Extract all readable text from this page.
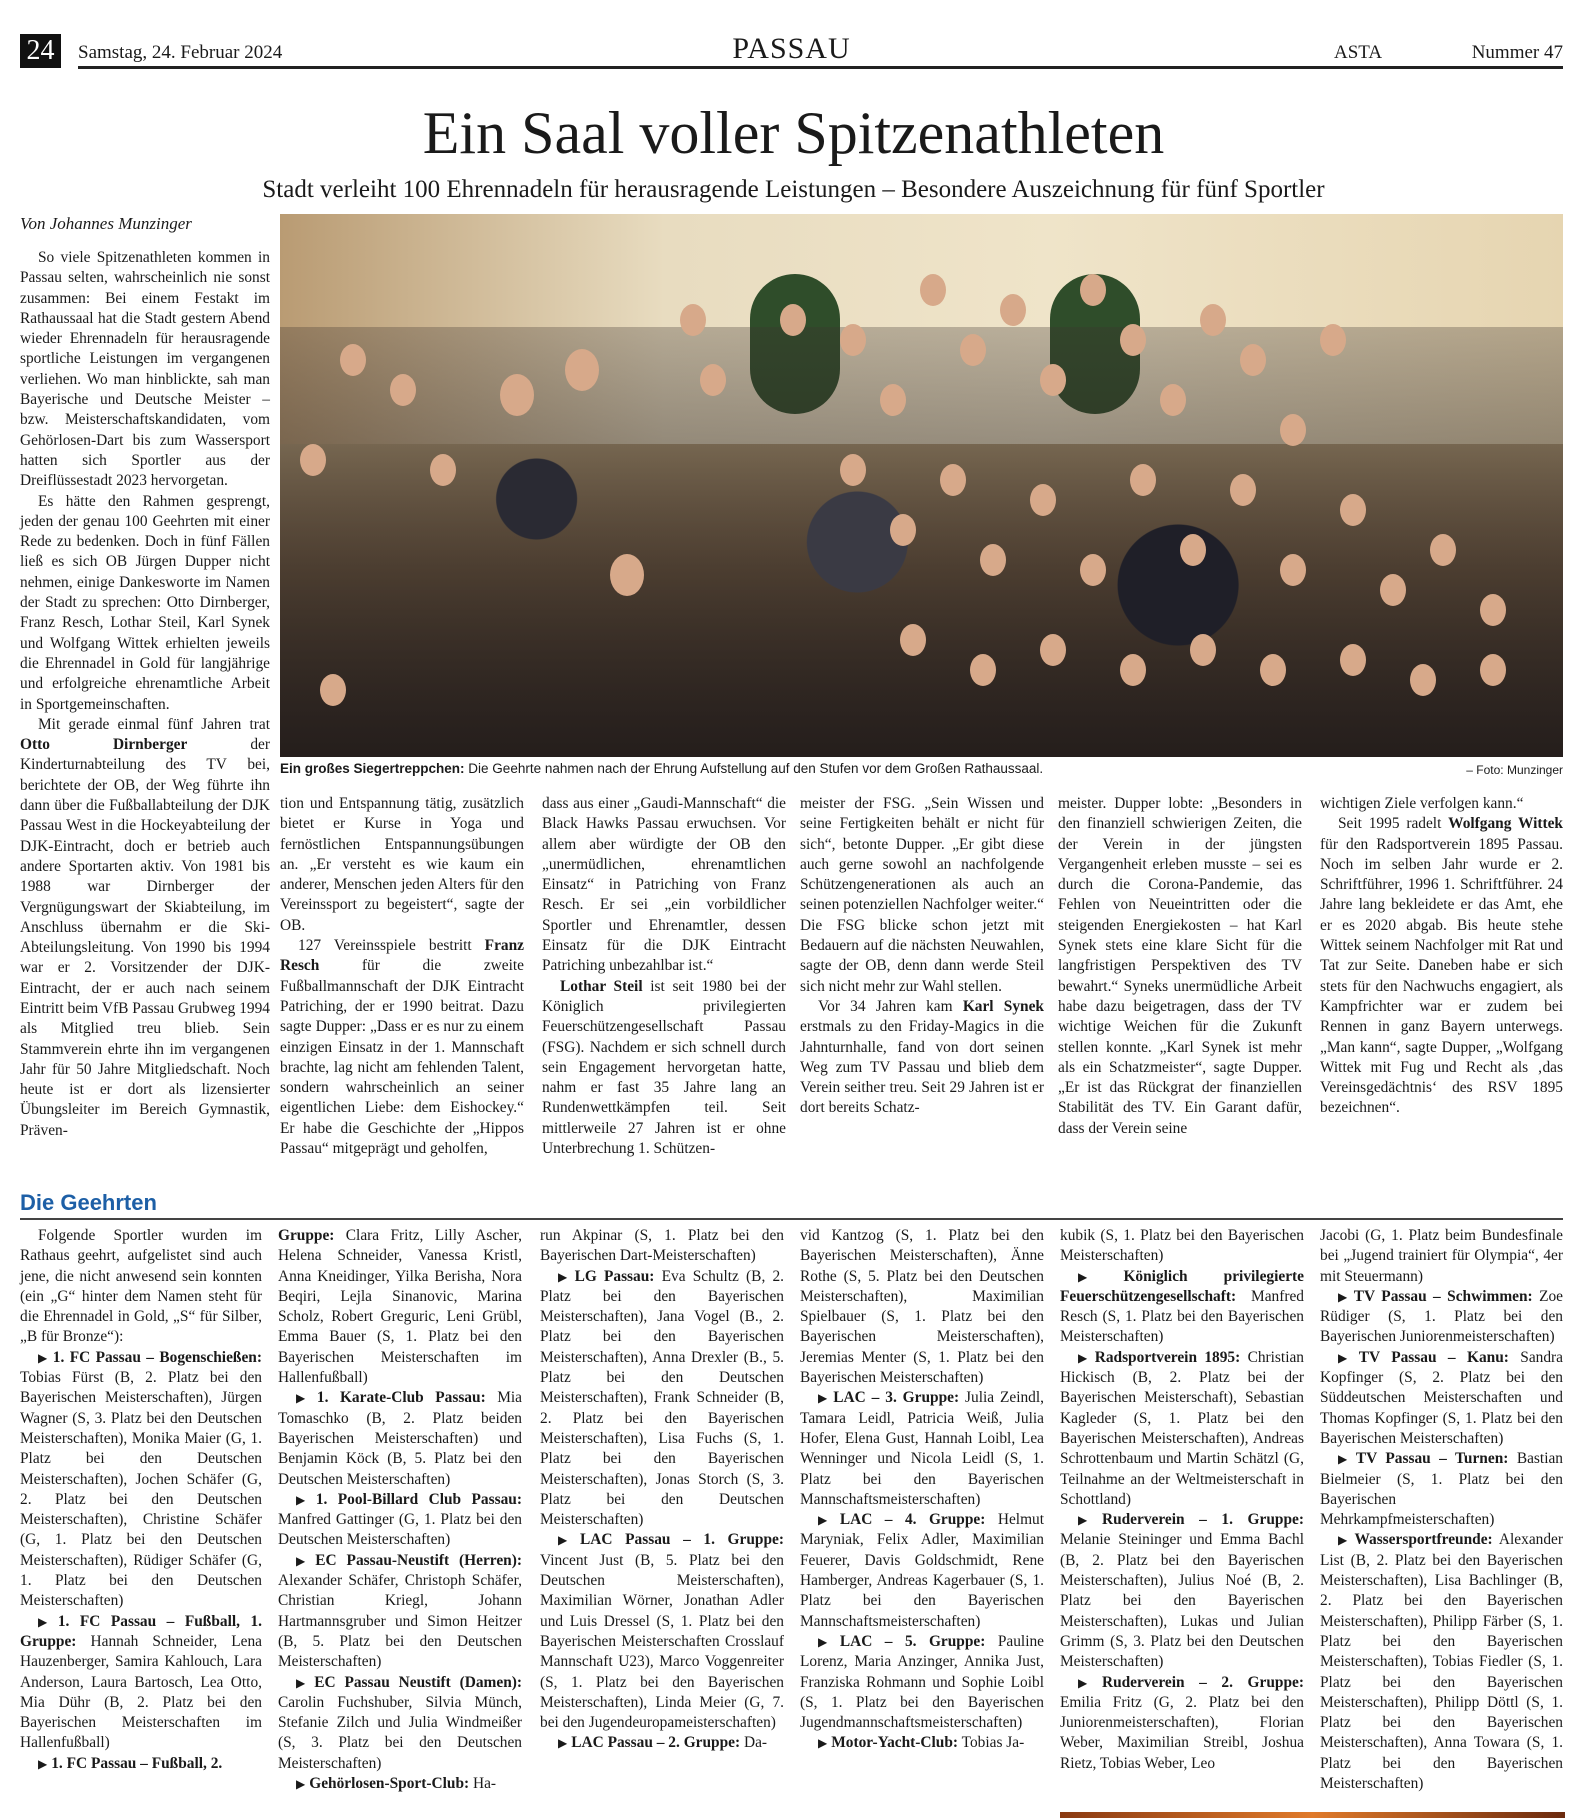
24	Samstag, 24. Februar 2024	PASSAU	ASTA	Nummer 47
Ein Saal voller Spitzenathleten
Stadt verleiht 100 Ehrennadeln für herausragende Leistungen – Besondere Auszeichnung für fünf Sportler
Von Johannes Munzinger
Ein großes Siegertreppchen: Die Geehrte nahmen nach der Ehrung Aufstellung auf den Stufen vor dem Großen Rathaussaal.	– Foto: Munzinger

So viele Spitzenathleten kommen in Passau selten, wahrscheinlich nie sonst zusammen: Bei einem Festakt im Rathaussaal hat die Stadt gestern Abend wieder Ehrennadeln für herausragende sportliche Leistungen im vergangenen verliehen. Wo man hinblickte, sah man Bayerische und Deutsche Meister – bzw. Meisterschaftskandidaten, vom Gehörlosen-Dart bis zum Wassersport hatten sich Sportler aus der Dreiflüssestadt 2023 hervorgetan.

Es hätte den Rahmen gesprengt, jeden der genau 100 Geehrten mit einer Rede zu bedenken. Doch in fünf Fällen ließ es sich OB Jürgen Dupper nicht nehmen, einige Dankesworte im Namen der Stadt zu sprechen: Otto Dirnberger, Franz Resch, Lothar Steil, Karl Synek und Wolfgang Wittek erhielten jeweils die Ehrennadel in Gold für langjährige und erfolgreiche ehrenamtliche Arbeit in Sportgemeinschaften.

Mit gerade einmal fünf Jahren trat Otto Dirnberger der Kinderturnabteilung des TV bei, berichtete der OB, der Weg führte ihn dann über die Fußballabteilung der DJK Passau West in die Hockeyabteilung der DJK-Eintracht, doch er betrieb auch andere Sportarten aktiv. Von 1981 bis 1988 war Dirnberger der Vergnügungswart der Skiabteilung, im Anschluss übernahm er die Ski-Abteilungsleitung. Von 1990 bis 1994 war er 2. Vorsitzender der DJK-Eintracht, der er auch nach seinem Eintritt beim VfB Passau Grubweg 1994 als Mitglied treu blieb. Sein Stammverein ehrte ihn im vergangenen Jahr für 50 Jahre Mitgliedschaft. Noch heute ist er dort als lizensierter Übungsleiter im Bereich Gymnastik, Präven-

tion und Entspannung tätig, zusätzlich bietet er Kurse in Yoga und fernöstlichen Entspannungsübungen an. „Er versteht es wie kaum ein anderer, Menschen jeden Alters für den Vereinssport zu begeistert“, sagte der OB.

127 Vereinsspiele bestritt Franz Resch für die zweite Fußballmannschaft der DJK Eintracht Patriching, der er 1990 beitrat. Dazu sagte Dupper: „Dass er es nur zu einem einzigen Einsatz in der 1. Mannschaft brachte, lag nicht am fehlenden Talent, sondern wahrscheinlich an seiner eigentlichen Liebe: dem Eishockey.“ Er habe die Geschichte der „Hippos Passau“ mitgeprägt und geholfen,

dass aus einer „Gaudi-Mannschaft“ die Black Hawks Passau erwuchsen. Vor allem aber würdigte der OB den „unermüdlichen, ehrenamtlichen Einsatz“ in Patriching von Franz Resch. Er sei „ein vorbildlicher Sportler und Ehrenamtler, dessen Einsatz für die DJK Eintracht Patriching unbezahlbar ist.“

Lothar Steil ist seit 1980 bei der Königlich privilegierten Feuerschützengesellschaft Passau (FSG). Nachdem er sich schnell durch sein Engagement hervorgetan hatte, nahm er fast 35 Jahre lang an Rundenwettkämpfen teil. Seit mittlerweile 27 Jahren ist er ohne Unterbrechung 1. Schützen-

meister der FSG. „Sein Wissen und seine Fertigkeiten behält er nicht für sich“, betonte Dupper. „Er gibt diese auch gerne sowohl an nachfolgende Schützengenerationen als auch an seinen potenziellen Nachfolger weiter.“ Die FSG blicke schon jetzt mit Bedauern auf die nächsten Neuwahlen, sagte der OB, denn dann werde Steil sich nicht mehr zur Wahl stellen.

Vor 34 Jahren kam Karl Synek erstmals zu den Friday-Magics in die Jahnturnhalle, fand von dort seinen Weg zum TV Passau und blieb dem Verein seither treu. Seit 29 Jahren ist er dort bereits Schatz-

meister. Dupper lobte: „Besonders in den finanziell schwierigen Zeiten, die der Verein in der jüngsten Vergangenheit erleben musste – sei es durch die Corona-Pandemie, das Fehlen von Neueintritten oder die steigenden Energiekosten – hat Karl Synek stets eine klare Sicht für die langfristigen Perspektiven des TV bewahrt.“ Syneks unermüdliche Arbeit habe dazu beigetragen, dass der TV wichtige Weichen für die Zukunft stellen konnte. „Karl Synek ist mehr als ein Schatzmeister“, sagte Dupper. „Er ist das Rückgrat der finanziellen Stabilität des TV. Ein Garant dafür, dass der Verein seine

wichtigen Ziele verfolgen kann.“

Seit 1995 radelt Wolfgang Wittek für den Radsportverein 1895 Passau. Noch im selben Jahr wurde er 2. Schriftführer, 1996 1. Schriftführer. 24 Jahre lang bekleidete er das Amt, ehe er es 2020 abgab. Bis heute stehe Wittek seinem Nachfolger mit Rat und Tat zur Seite. Daneben habe er sich stets für den Nachwuchs engagiert, als Kampfrichter war er zudem bei Rennen in ganz Bayern unterwegs. „Man kann“, sagte Dupper, „Wolfgang Wittek mit Fug und Recht als ‚das Vereinsgedächtnis‘ des RSV 1895 bezeichnen“.

Die Geehrten

Folgende Sportler wurden im Rathaus geehrt, aufgelistet sind auch jene, die nicht anwesend sein konnten (ein „G“ hinter dem Namen steht für die Ehrennadel in Gold, „S“ für Silber, „B für Bronze“):

▶ 1. FC Passau – Bogenschießen: Tobias Fürst (B, 2. Platz bei den Bayerischen Meisterschaften), Jürgen Wagner (S, 3. Platz bei den Deutschen Meisterschaften), Monika Maier (G, 1. Platz bei den Deutschen Meisterschaften), Jochen Schäfer (G, 2. Platz bei den Deutschen Meisterschaften), Christine Schäfer (G, 1. Platz bei den Deutschen Meisterschaften), Rüdiger Schäfer (G, 1. Platz bei den Deutschen Meisterschaften)

▶ 1. FC Passau – Fußball, 1. Gruppe: Hannah Schneider, Lena Hauzenberger, Samira Kahlouch, Lara Anderson, Laura Bartosch, Lea Otto, Mia Dühr (B, 2. Platz bei den Bayerischen Meisterschaften im Hallenfußball)

▶ 1. FC Passau – Fußball, 2.

Gruppe: Clara Fritz, Lilly Ascher, Helena Schneider, Vanessa Kristl, Anna Kneidinger, Yilka Berisha, Nora Beqiri, Lejla Sinanovic, Marina Scholz, Robert Greguric, Leni Grübl, Emma Bauer (S, 1. Platz bei den Bayerischen Meisterschaften im Hallenfußball)

▶ 1. Karate-Club Passau: Mia Tomaschko (B, 2. Platz beiden Bayerischen Meisterschaften) und Benjamin Köck (B, 5. Platz bei den Deutschen Meisterschaften)

▶ 1. Pool-Billard Club Passau: Manfred Gattinger (G, 1. Platz bei den Deutschen Meisterschaften)

▶ EC Passau-Neustift (Herren): Alexander Schäfer, Christoph Schäfer, Christian Kriegl, Johann Hartmannsgruber und Simon Heitzer (B, 5. Platz bei den Deutschen Meisterschaften)

▶ EC Passau Neustift (Damen): Carolin Fuchshuber, Silvia Münch, Stefanie Zilch und Julia Windmeißer (S, 3. Platz bei den Deutschen Meisterschaften)

▶ Gehörlosen-Sport-Club: Ha-

run Akpinar (S, 1. Platz bei den Bayerischen Dart-Meisterschaften)

▶ LG Passau: Eva Schultz (B, 2. Platz bei den Bayerischen Meisterschaften), Jana Vogel (B., 2. Platz bei den Bayerischen Meisterschaften), Anna Drexler (B., 5. Platz bei den Deutschen Meisterschaften), Frank Schneider (B, 2. Platz bei den Bayerischen Meisterschaften), Lisa Fuchs (S, 1. Platz bei den Bayerischen Meisterschaften), Jonas Storch (S, 3. Platz bei den Deutschen Meisterschaften)

▶ LAC Passau – 1. Gruppe: Vincent Just (B, 5. Platz bei den Deutschen Meisterschaften), Maximilian Wörner, Jonathan Adler und Luis Dressel (S, 1. Platz bei den Bayerischen Meisterschaften Crosslauf Mannschaft U23), Marco Voggenreiter (S, 1. Platz bei den Bayerischen Meisterschaften), Linda Meier (G, 7. bei den Jugendeuropameisterschaften)

▶ LAC Passau – 2. Gruppe: Da-

vid Kantzog (S, 1. Platz bei den Bayerischen Meisterschaften), Änne Rothe (S, 5. Platz bei den Deutschen Meisterschaften), Maximilian Spielbauer (S, 1. Platz bei den Bayerischen Meisterschaften), Jeremias Menter (S, 1. Platz bei den Bayerischen Meisterschaften)

▶ LAC – 3. Gruppe: Julia Zeindl, Tamara Leidl, Patricia Weiß, Julia Hofer, Elena Gust, Hannah Loibl, Lea Wenninger und Nicola Leidl (S, 1. Platz bei den Bayerischen Mannschaftsmeisterschaften)

▶ LAC – 4. Gruppe: Helmut Maryniak, Felix Adler, Maximilian Feuerer, Davis Goldschmidt, Rene Hamberger, Andreas Kagerbauer (S, 1. Platz bei den Bayerischen Mannschaftsmeisterschaften)

▶ LAC – 5. Gruppe: Pauline Lorenz, Maria Anzinger, Annika Just, Franziska Rohmann und Sophie Loibl (S, 1. Platz bei den Bayerischen Jugendmannschaftsmeisterschaften)

▶ Motor-Yacht-Club: Tobias Ja-

kubik (S, 1. Platz bei den Bayerischen Meisterschaften)

▶ Königlich privilegierte Feuerschützengesellschaft: Manfred Resch (S, 1. Platz bei den Bayerischen Meisterschaften)

▶ Radsportverein 1895: Christian Hickisch (B, 2. Platz bei der Bayerischen Meisterschaft), Sebastian Kagleder (S, 1. Platz bei den Bayerischen Meisterschaften), Andreas Schrottenbaum und Martin Schätzl (G, Teilnahme an der Weltmeisterschaft in Schottland)

▶ Ruderverein – 1. Gruppe: Melanie Steininger und Emma Bachl (B, 2. Platz bei den Bayerischen Meisterschaften), Julius Noé (B, 2. Platz bei den Bayerischen Meisterschaften), Lukas und Julian Grimm (S, 3. Platz bei den Deutschen Meisterschaften)

▶ Ruderverein – 2. Gruppe: Emilia Fritz (G, 2. Platz bei den Juniorenmeisterschaften), Florian Weber, Maximilian Streibl, Joshua Rietz, Tobias Weber, Leo

Jacobi (G, 1. Platz beim Bundesfinale bei „Jugend trainiert für Olympia“, 4er mit Steuermann)

▶ TV Passau – Schwimmen: Zoe Rüdiger (S, 1. Platz bei den Bayerischen Juniorenmeisterschaften)

▶ TV Passau – Kanu: Sandra Kopfinger (S, 2. Platz bei den Süddeutschen Meisterschaften und Thomas Kopfinger (S, 1. Platz bei den Bayerischen Meisterschaften)

▶ TV Passau – Turnen: Bastian Bielmeier (S, 1. Platz bei den Bayerischen Mehrkampfmeisterschaften)

▶ Wassersportfreunde: Alexander List (B, 2. Platz bei den Bayerischen Meisterschaften), Lisa Bachlinger (B, 2. Platz bei den Bayerischen Meisterschaften), Philipp Färber (S, 1. Platz bei den Bayerischen Meisterschaften), Tobias Fiedler (S, 1. Platz bei den Bayerischen Meisterschaften), Philipp Döttl (S, 1. Platz bei den Bayerischen Meisterschaften), Anna Towara (S, 1. Platz bei den Bayerischen Meisterschaften)
